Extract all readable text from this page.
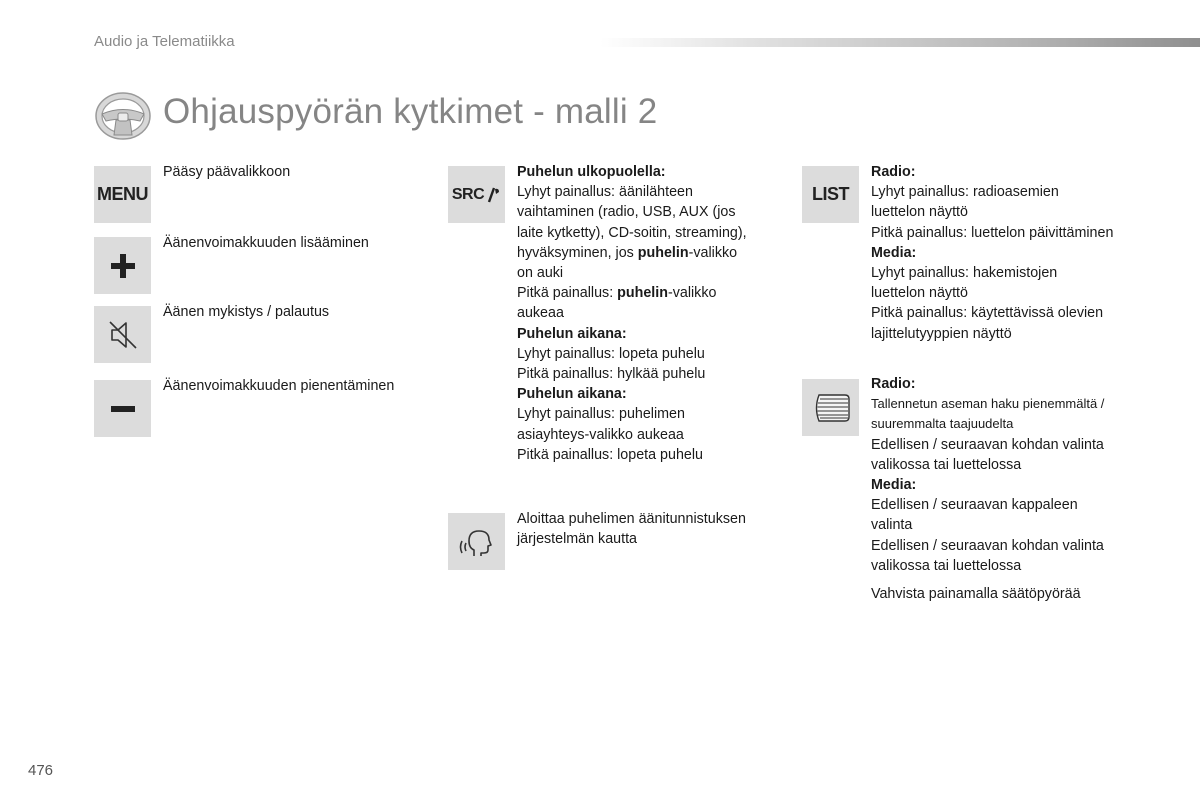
Audio ja Telematiikka
Ohjauspyörän kytkimet - malli 2
MENU

Pääsy päävalikkoon

Äänenvoimakkuuden lisääminen

Äänen mykistys / palautus

Äänenvoimakkuuden pienentäminen

SRC

Puhelun ulkopuolella:

Lyhyt painallus: äänilähteen

vaihtaminen (radio, USB, AUX (jos

laite kytketty), CD-soitin, streaming),

hyväksyminen, jos puhelin-valikko

on auki

Pitkä painallus: puhelin-valikko

aukeaa

Puhelun aikana:

Lyhyt painallus: lopeta puhelu

Pitkä painallus: hylkää puhelu

Puhelun aikana:

Lyhyt painallus: puhelimen

asiayhteys-valikko aukeaa

Pitkä painallus: lopeta puhelu

Aloittaa puhelimen äänitunnistuksen

järjestelmän kautta

LIST

Radio:

Lyhyt painallus: radioasemien

luettelon näyttö

Pitkä painallus: luettelon päivittäminen

Media:

Lyhyt painallus: hakemistojen

luettelon näyttö

Pitkä painallus: käytettävissä olevien

lajittelutyyppien näyttö

Radio:

Tallennetun aseman haku pienemmältä /

suuremmalta taajuudelta

Edellisen / seuraavan kohdan valinta

valikossa tai luettelossa

Media:

Edellisen / seuraavan kappaleen

valinta

Edellisen / seuraavan kohdan valinta

valikossa tai luettelossa

Vahvista painamalla säätöpyörää

476
